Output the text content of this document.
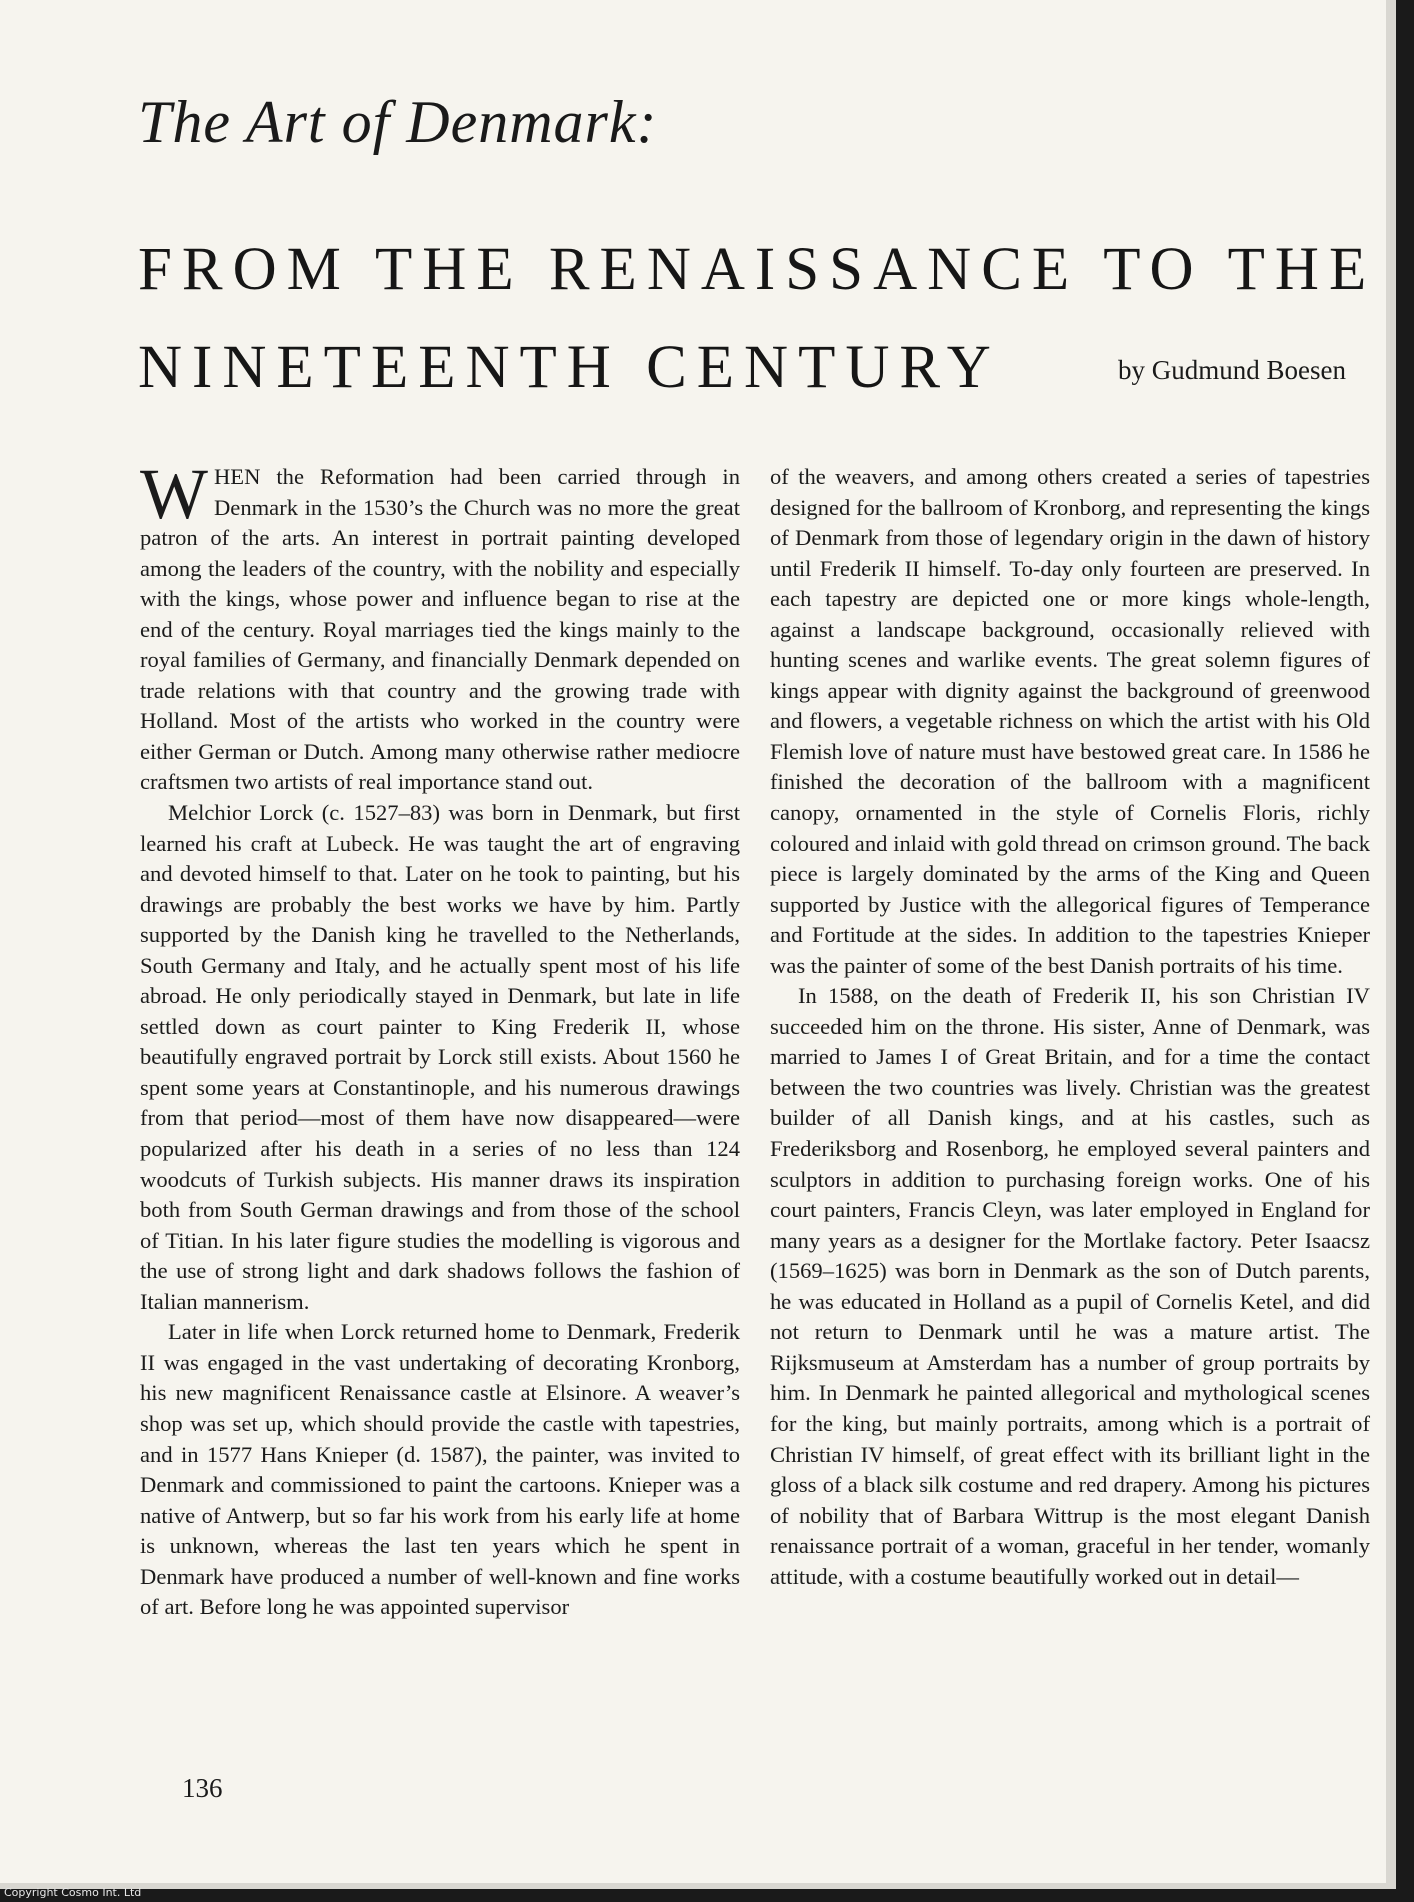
The Art of Denmark:
FROM THE RENAISSANCE TO THE
NINETEENTH CENTURY	by Gudmund Boesen

WHEN the Reformation had been carried through in Denmark in the 1530’s the Church was no more the great patron of the arts. An interest in portrait painting developed among the leaders of the country, with the nobility and especially with the kings, whose power and influence began to rise at the end of the century. Royal marriages tied the kings mainly to the royal families of Germany, and financially Denmark depended on trade relations with that country and the growing trade with Holland. Most of the artists who worked in the country were either German or Dutch. Among many otherwise rather mediocre craftsmen two artists of real importance stand out.

Melchior Lorck (c. 1527–83) was born in Denmark, but first learned his craft at Lubeck. He was taught the art of engraving and devoted himself to that. Later on he took to painting, but his drawings are probably the best works we have by him. Partly supported by the Danish king he travelled to the Netherlands, South Germany and Italy, and he actually spent most of his life abroad. He only periodically stayed in Denmark, but late in life settled down as court painter to King Frederik II, whose beautifully engraved portrait by Lorck still exists. About 1560 he spent some years at Constantinople, and his numerous drawings from that period—most of them have now disappeared—were popularized after his death in a series of no less than 124 woodcuts of Turkish subjects. His manner draws its inspiration both from South German drawings and from those of the school of Titian. In his later figure studies the modelling is vigorous and the use of strong light and dark shadows follows the fashion of Italian mannerism.

Later in life when Lorck returned home to Denmark, Frederik II was engaged in the vast undertaking of decorating Kronborg, his new magnificent Renaissance castle at Elsinore. A weaver’s shop was set up, which should provide the castle with tapestries, and in 1577 Hans Knieper (d. 1587), the painter, was invited to Denmark and commissioned to paint the cartoons. Knieper was a native of Antwerp, but so far his work from his early life at home is unknown, whereas the last ten years which he spent in Denmark have produced a number of well-known and fine works of art. Before long he was appointed supervisor

of the weavers, and among others created a series of tapestries designed for the ballroom of Kronborg, and representing the kings of Denmark from those of legendary origin in the dawn of history until Frederik II himself. To-day only fourteen are preserved. In each tapestry are depicted one or more kings whole-length, against a landscape background, occasionally relieved with hunting scenes and warlike events. The great solemn figures of kings appear with dignity against the background of greenwood and flowers, a vegetable richness on which the artist with his Old Flemish love of nature must have bestowed great care. In 1586 he finished the decoration of the ballroom with a magnificent canopy, ornamented in the style of Cornelis Floris, richly coloured and inlaid with gold thread on crimson ground. The back piece is largely dominated by the arms of the King and Queen supported by Justice with the allegorical figures of Temperance and Fortitude at the sides. In addition to the tapestries Knieper was the painter of some of the best Danish portraits of his time.

In 1588, on the death of Frederik II, his son Christian IV succeeded him on the throne. His sister, Anne of Denmark, was married to James I of Great Britain, and for a time the contact between the two countries was lively. Christian was the greatest builder of all Danish kings, and at his castles, such as Frederiksborg and Rosenborg, he employed several painters and sculptors in addition to purchasing foreign works. One of his court painters, Francis Cleyn, was later employed in England for many years as a designer for the Mortlake factory. Peter Isaacsz (1569–1625) was born in Denmark as the son of Dutch parents, he was educated in Holland as a pupil of Cornelis Ketel, and did not return to Denmark until he was a mature artist. The Rijksmuseum at Amsterdam has a number of group portraits by him. In Denmark he painted allegorical and mythological scenes for the king, but mainly portraits, among which is a portrait of Christian IV himself, of great effect with its brilliant light in the gloss of a black silk costume and red drapery. Among his pictures of nobility that of Barbara Wittrup is the most elegant Danish renaissance portrait of a woman, graceful in her tender, womanly attitude, with a costume beautifully worked out in detail—

136
Copyright Cosmo Int. Ltd
